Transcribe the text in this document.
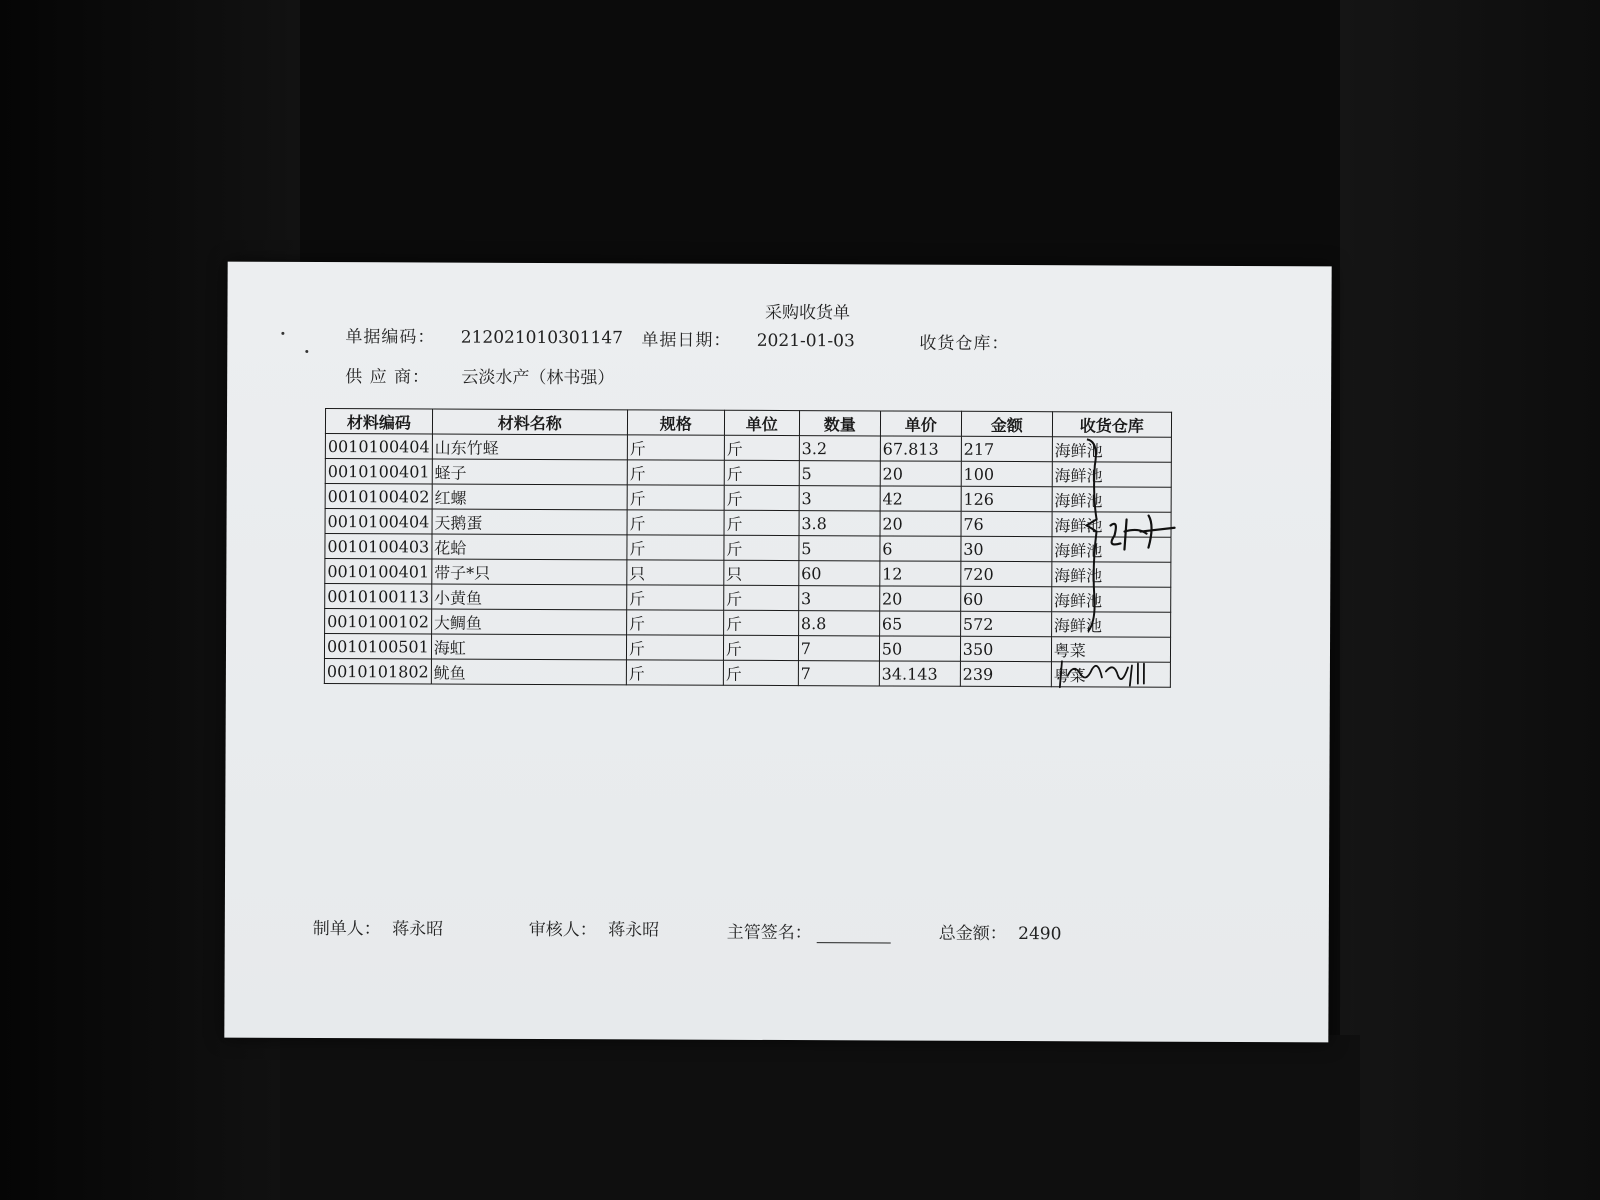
采购收货单
单据编码： 212021010301147 单据日期： 2021-01-03	收货仓库：
供 应 商： 云淡水产（林书强）
材料编码	材料名称	规格	单位	数量	单价	金额	收货仓库
0010100404	山东竹蛏	斤	斤	3.2	67.813	217	海鲜池
0010100401	蛏子	斤	斤	5	20	100	海鲜池
0010100402	红螺	斤	斤	3	42	126	海鲜池
0010100404	天鹅蛋	斤	斤	3.8	20	76	海鲜池
0010100403	花蛤	斤	斤	5	6	30	海鲜池
0010100401	带子*只	只	只	60	12	720	海鲜池
0010100113	小黄鱼	斤	斤	3	20	60	海鲜池
0010100102	大鲷鱼	斤	斤	8.8	65	572	海鲜池
0010100501	海虹	斤	斤	7	50	350	粤菜
0010101802	鱿鱼	斤	斤	7	34.143	239	粤菜
制单人： 蒋永昭	审核人： 蒋永昭	主管签名：	总金额： 2490
